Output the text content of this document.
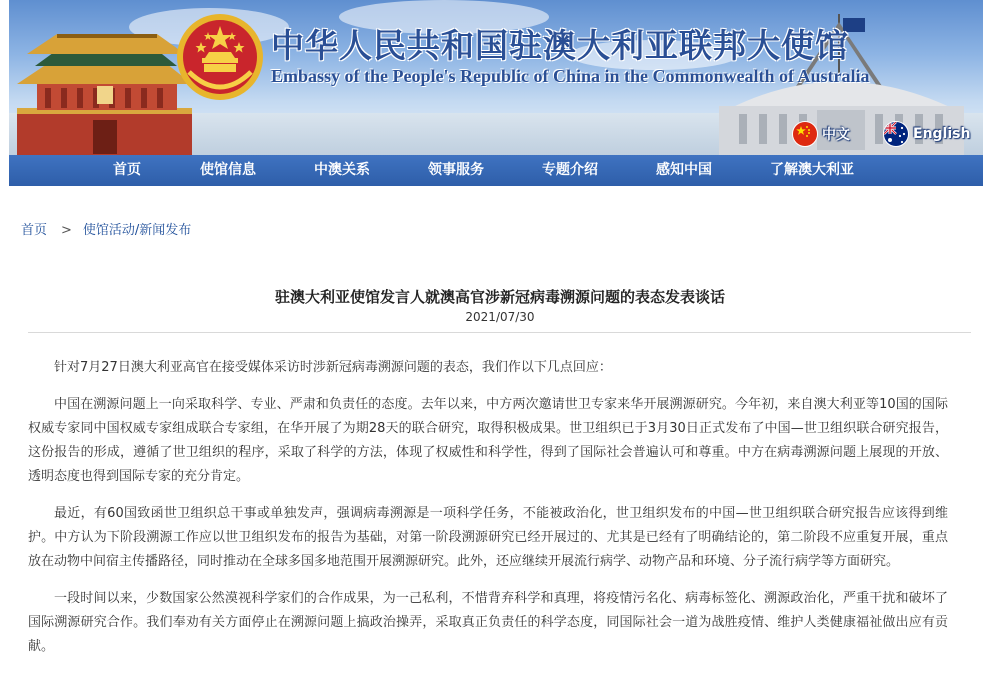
中华人民共和国驻澳大利亚联邦大使馆
Embassy of the People's Republic of China in the Commonwealth of Australia
中文	English
首页	使馆信息	中澳关系	领事服务	专题介绍	感知中国	了解澳大利亚
首页 > 使馆活动/新闻发布
驻澳大利亚使馆发言人就澳高官涉新冠病毒溯源问题的表态发表谈话
2021/07/30

针对7月27日澳大利亚高官在接受媒体采访时涉新冠病毒溯源问题的表态，我们作以下几点回应：

中国在溯源问题上一向采取科学、专业、严肃和负责任的态度。去年以来，中方两次邀请世卫专家来华开展溯源研究。今年初，来自澳大利亚等10国的国际权威专家同中国权威专家组成联合专家组，在华开展了为期28天的联合研究，取得积极成果。世卫组织已于3月30日正式发布了中国—世卫组织联合研究报告，这份报告的形成，遵循了世卫组织的程序，采取了科学的方法，体现了权威性和科学性，得到了国际社会普遍认可和尊重。中方在病毒溯源问题上展现的开放、透明态度也得到国际专家的充分肯定。

最近，有60国致函世卫组织总干事或单独发声，强调病毒溯源是一项科学任务，不能被政治化，世卫组织发布的中国—世卫组织联合研究报告应该得到维护。中方认为下阶段溯源工作应以世卫组织发布的报告为基础，对第一阶段溯源研究已经开展过的、尤其是已经有了明确结论的，第二阶段不应重复开展，重点放在动物中间宿主传播路径，同时推动在全球多国多地范围开展溯源研究。此外，还应继续开展流行病学、动物产品和环境、分子流行病学等方面研究。

一段时间以来，少数国家公然漠视科学家们的合作成果，为一己私利，不惜背弃科学和真理，将疫情污名化、病毒标签化、溯源政治化，严重干扰和破坏了国际溯源研究合作。我们奉劝有关方面停止在溯源问题上搞政治操弄，采取真正负责任的科学态度，同国际社会一道为战胜疫情、维护人类健康福祉做出应有贡献。
